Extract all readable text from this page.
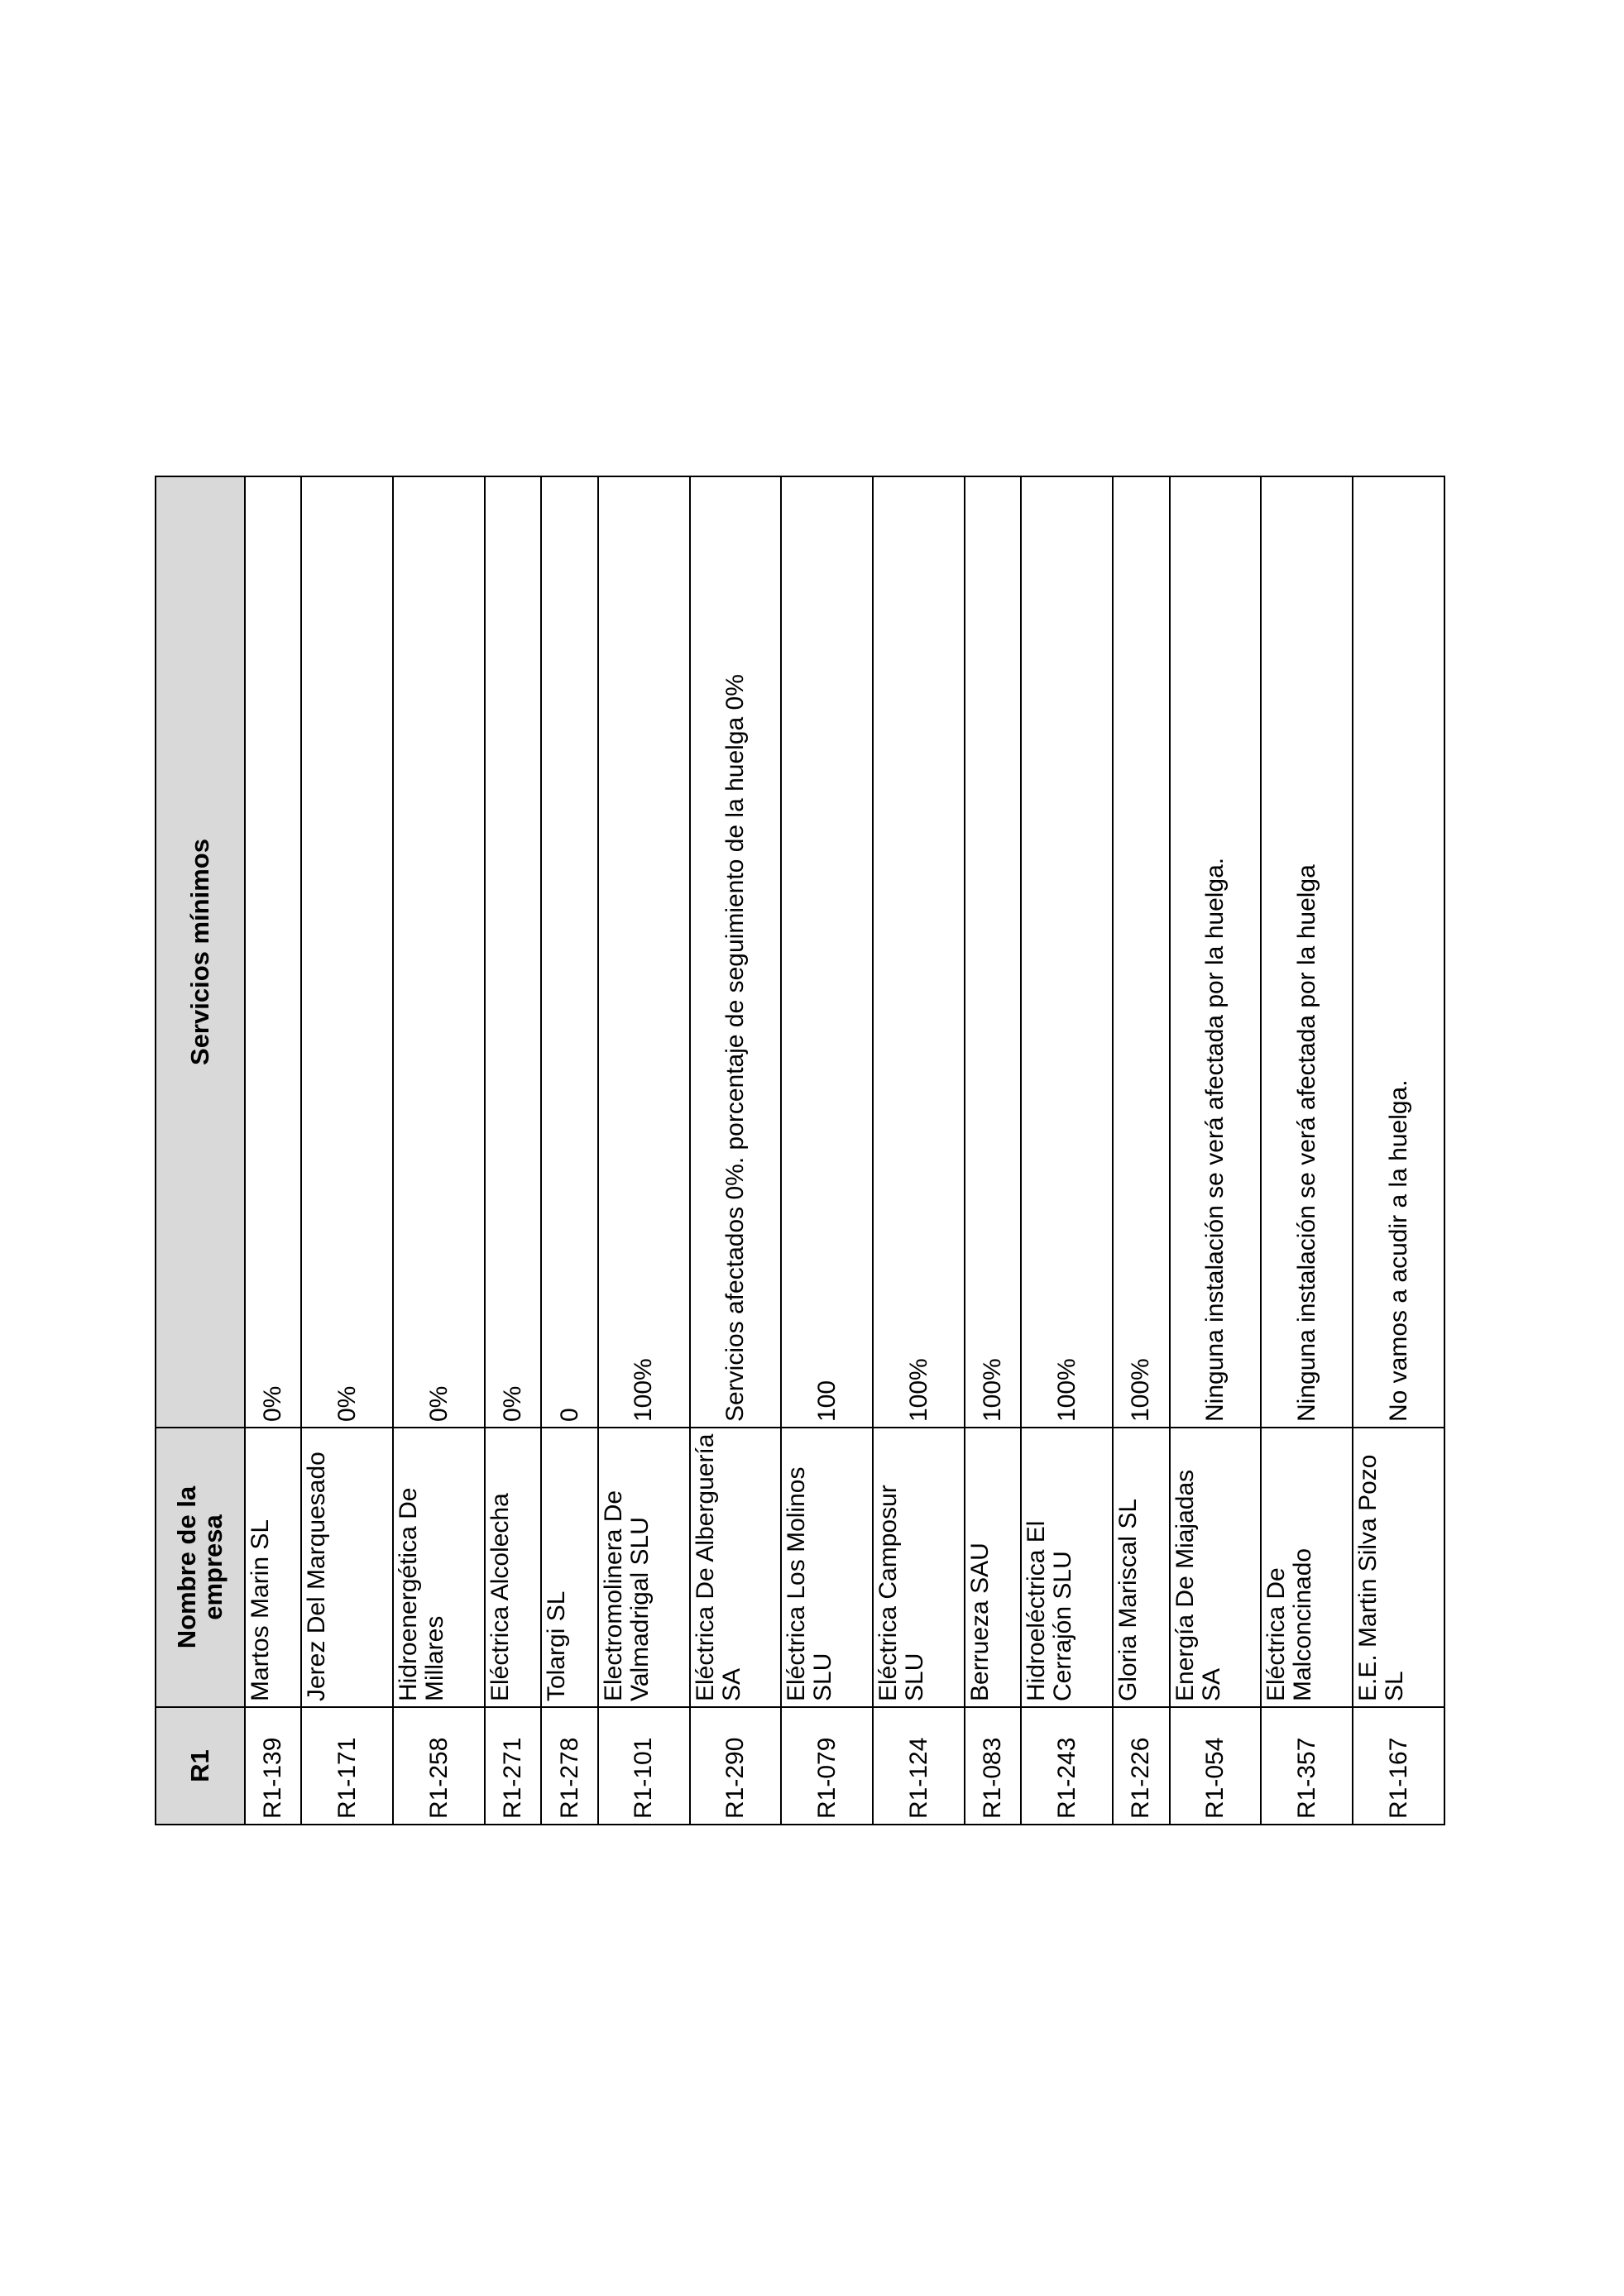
R1	Nombre de la empresa	Servicios mínimos
R1-139	Martos Marin SL	0%
R1-171	Jerez Del Marquesado	0%
R1-258	Hidroenergética De Millares	0%
R1-271	Eléctrica Alcolecha	0%
R1-278	Tolargi SL	0
R1-101	Electromolinera De Valmadrigal SLU	100%
R1-290	Eléctrica De Alberguería SA	Servicios afectados 0%. porcentaje de seguimiento de la huelga 0%
R1-079	Eléctrica Los Molinos SLU	100
R1-124	Eléctrica Camposur SLU	100%
R1-083	Berrueza SAU	100%
R1-243	Hidroeléctrica El Cerrajón SLU	100%
R1-226	Gloria Mariscal SL	100%
R1-054	Energía De Miajadas SA	Ninguna instalación se verá afectada por la huelga.
R1-357	Eléctrica De Malconcinado	Ninguna instalación se verá afectada por la huelga
R1-167	E.E. Martin Silva Pozo SL	No vamos a acudir a la huelga.
